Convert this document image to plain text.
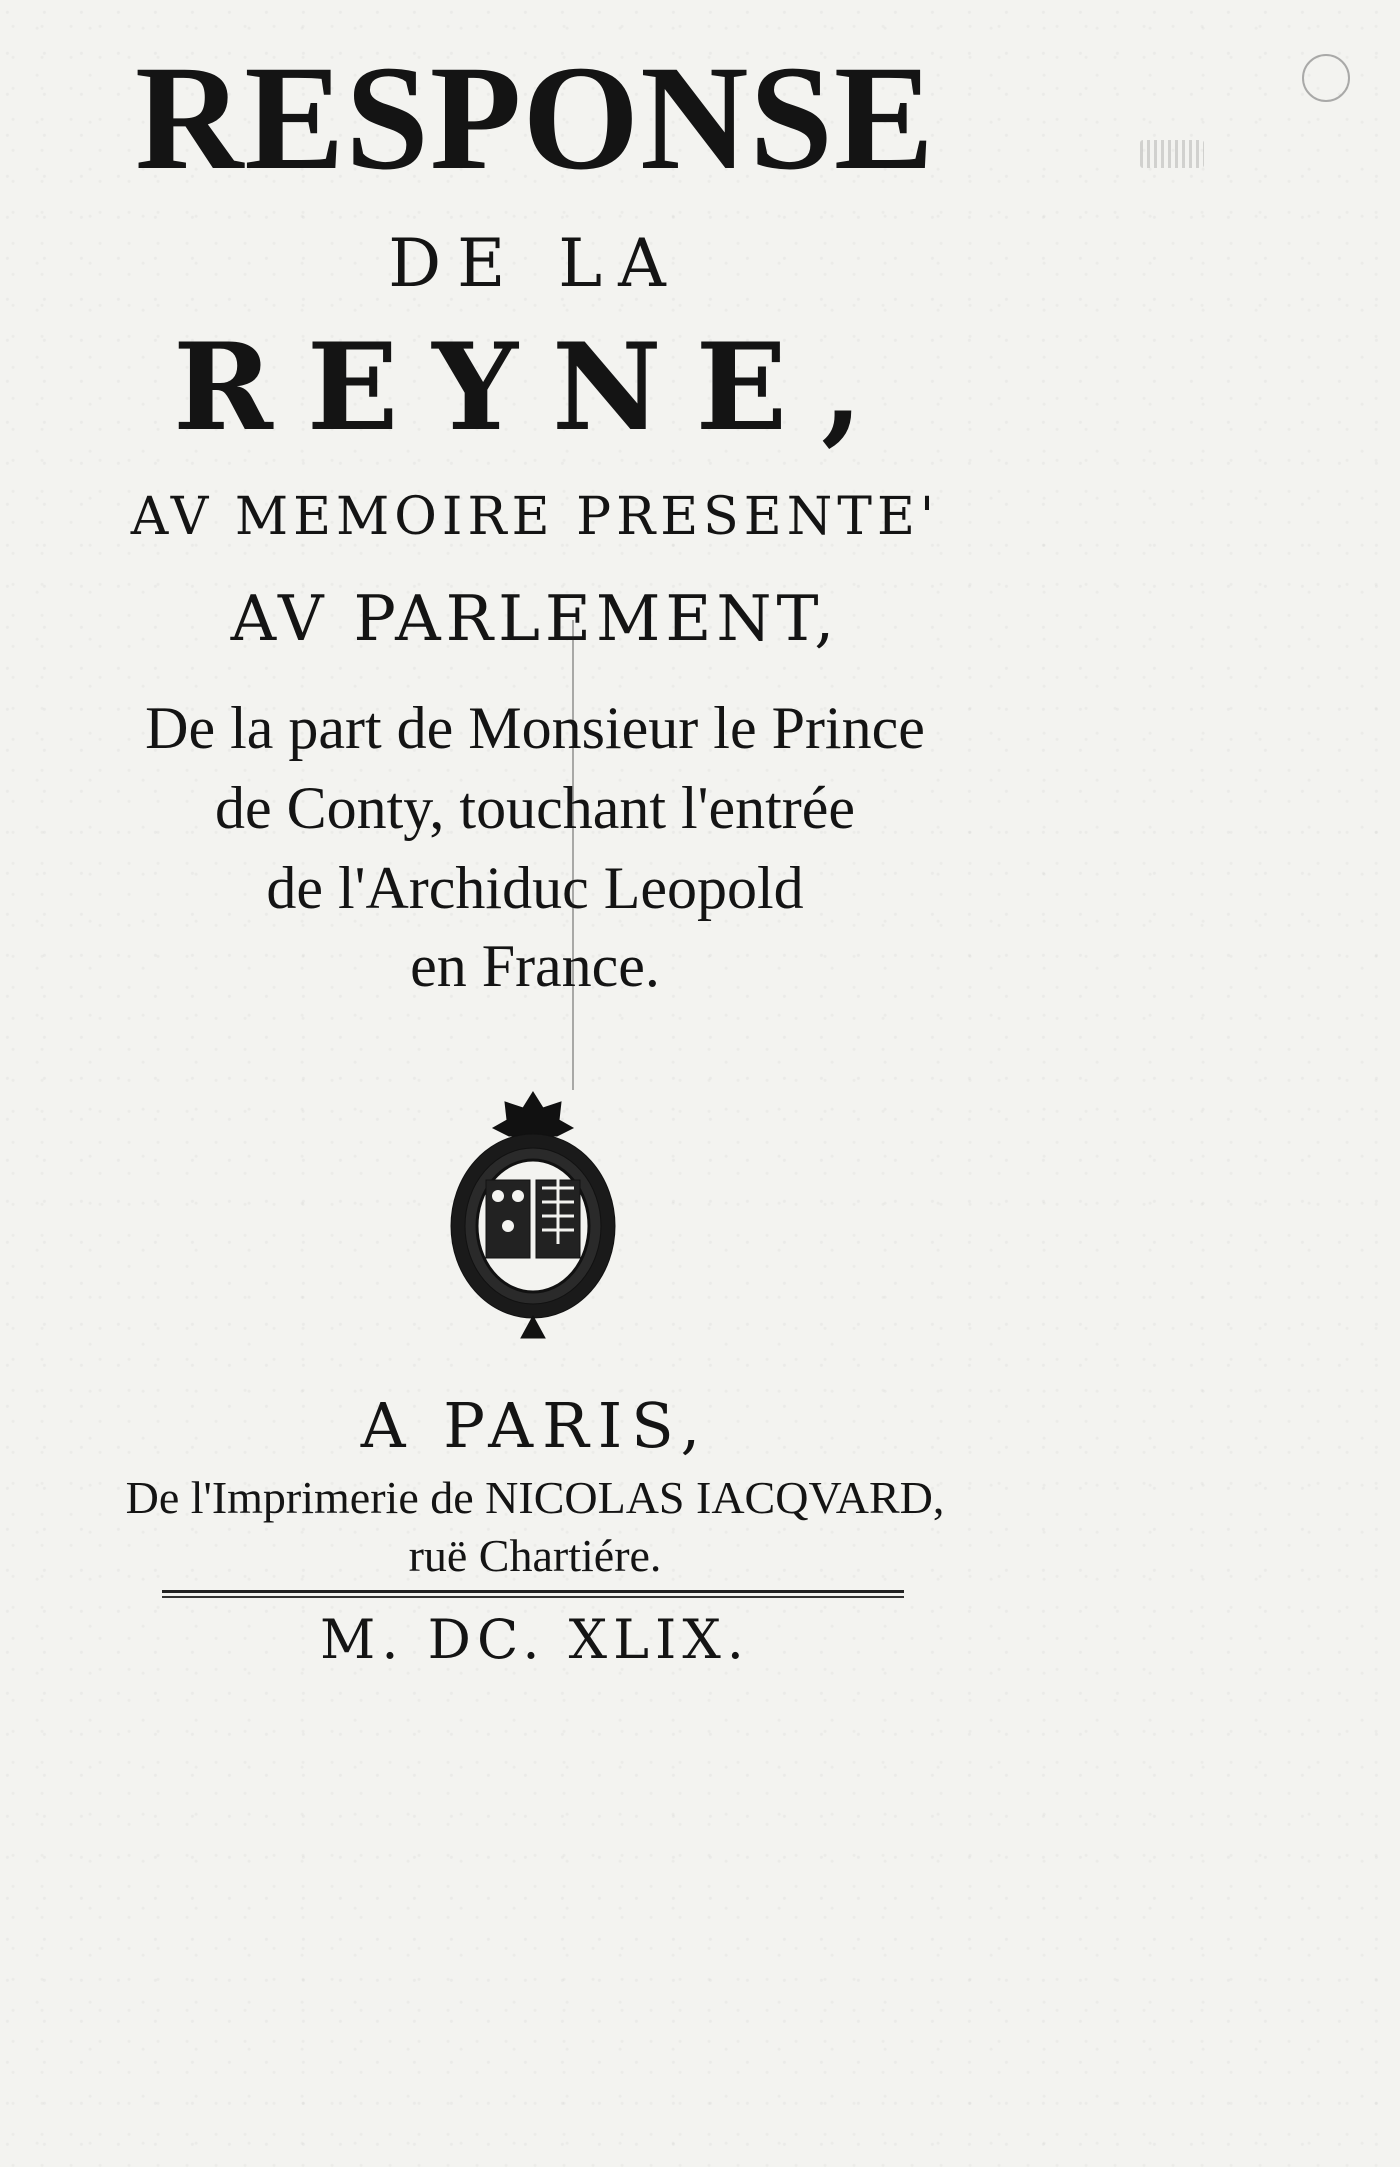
RESPONSE
DE LA
REYNE,
AV MEMOIRE PRESENTE'
AV PARLEMENT,
De la part de Monsieur le Prince
de Conty, touchant l'entrée
de l'Archiduc Leopold
en France.
A PARIS,
De l'Imprimerie de NICOLAS IACQVARD,
ruë Chartiére.
M. DC. XLIX.
